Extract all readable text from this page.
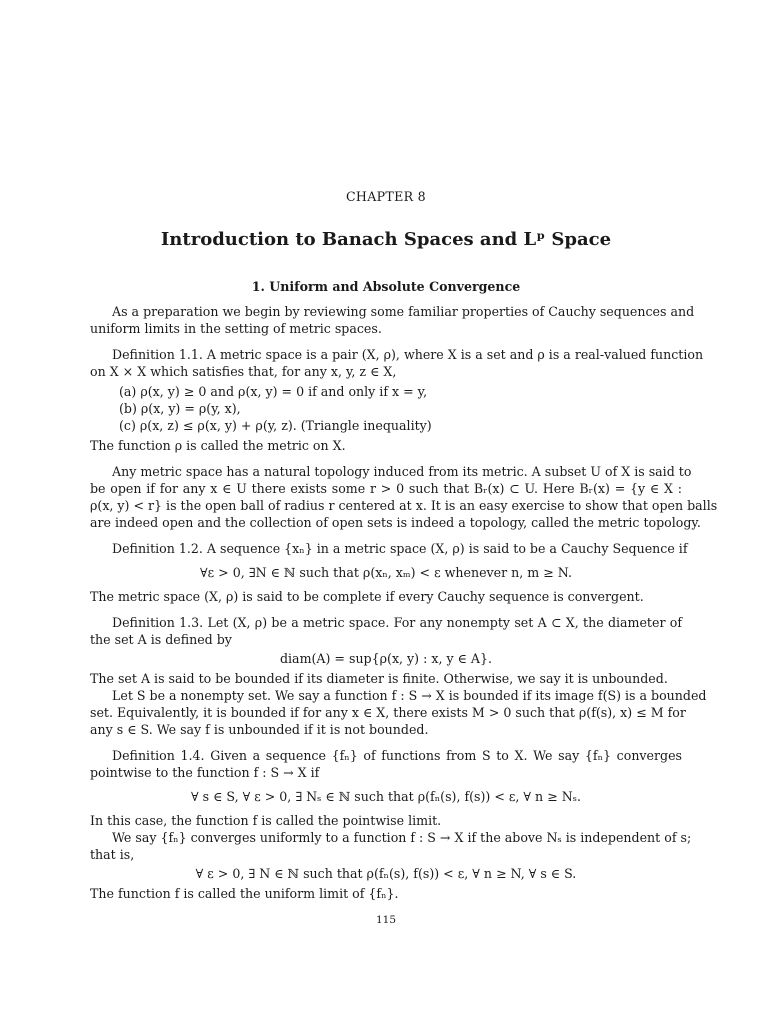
CHAPTER 8
Introduction to Banach Spaces and Lᵖ Space
1. Uniform and Absolute Convergence
As a preparation we begin by reviewing some familiar properties of Cauchy sequences and
uniform limits in the setting of metric spaces.
Definition 1.1. A metric space is a pair (X, ρ), where X is a set and ρ is a real-valued function
on X × X which satisfies that, for any x, y, z ∈ X,
(a) ρ(x, y) ≥ 0 and ρ(x, y) = 0 if and only if x = y,
(b) ρ(x, y) = ρ(y, x),
(c) ρ(x, z) ≤ ρ(x, y) + ρ(y, z). (Triangle inequality)
The function ρ is called the metric on X.
Any metric space has a natural topology induced from its metric. A subset U of X is said to
be open if for any x ∈ U there exists some r > 0 such that Bᵣ(x) ⊂ U. Here Bᵣ(x) = {y ∈ X :
ρ(x, y) < r} is the open ball of radius r centered at x. It is an easy exercise to show that open balls
are indeed open and the collection of open sets is indeed a topology, called the metric topology.
Definition 1.2. A sequence {xₙ} in a metric space (X, ρ) is said to be a Cauchy Sequence if
∀ε > 0, ∃N ∈ ℕ such that ρ(xₙ, xₘ) < ε whenever n, m ≥ N.
The metric space (X, ρ) is said to be complete if every Cauchy sequence is convergent.
Definition 1.3. Let (X, ρ) be a metric space. For any nonempty set A ⊂ X, the diameter of
the set A is defined by
diam(A) = sup{ρ(x, y) : x, y ∈ A}.
The set A is said to be bounded if its diameter is finite. Otherwise, we say it is unbounded.
Let S be a nonempty set. We say a function f : S → X is bounded if its image f(S) is a bounded
set. Equivalently, it is bounded if for any x ∈ X, there exists M > 0 such that ρ(f(s), x) ≤ M for
any s ∈ S. We say f is unbounded if it is not bounded.
Definition 1.4. Given a sequence {fₙ} of functions from S to X. We say {fₙ} converges
pointwise to the function f : S → X if
∀ s ∈ S, ∀ ε > 0, ∃ Nₛ ∈ ℕ such that ρ(fₙ(s), f(s)) < ε, ∀ n ≥ Nₛ.
In this case, the function f is called the pointwise limit.
We say {fₙ} converges uniformly to a function f : S → X if the above Nₛ is independent of s;
that is,
∀ ε > 0, ∃ N ∈ ℕ such that ρ(fₙ(s), f(s)) < ε, ∀ n ≥ N, ∀ s ∈ S.
The function f is called the uniform limit of {fₙ}.
115
